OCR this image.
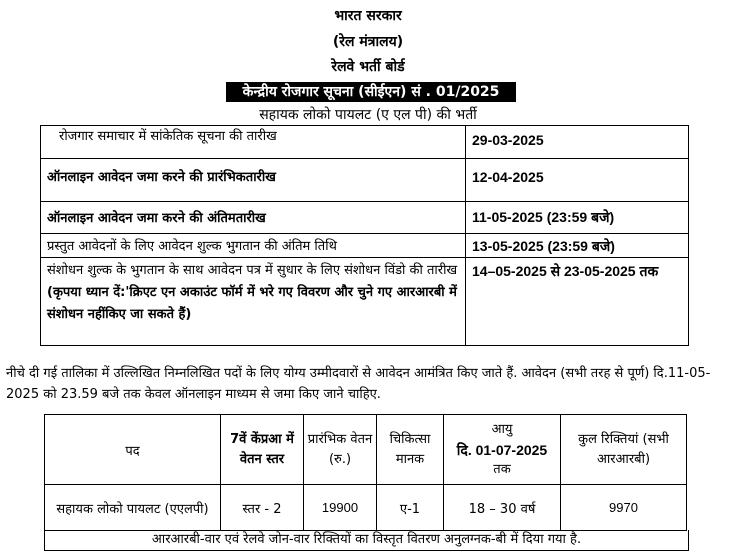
भारत सरकार
(रेल मंत्रालय)
रेलवे भर्ती बोर्ड
केन्द्रीय रोजगार सूचना (सीईएन) सं . 01/2025
सहायक लोको पायलट (ए एल पी) की भर्ती
रोजगार समाचार में सांकेतिक सूचना की तारीख	29-03-2025
ऑनलाइन आवेदन जमा करने की प्रारंभिकतारीख	12-04-2025
ऑनलाइन आवेदन जमा करने की अंतिमतारीख	11-05-2025 (23:59 बजे)
प्रस्तुत आवेदनों के लिए आवेदन शुल्क भुगतान की अंतिम तिथि	13-05-2025 (23:59 बजे)
संशोधन शुल्क के भुगतान के साथ आवेदन पत्र में सुधार के लिए संशोधन विंडो की तारीख (कृपया ध्यान दें:'क्रिएट एन अकाउंट फॉर्म में भरे गए विवरण और चुने गए आरआरबी में संशोधन नहींकिए जा सकते हैं)	14–05-2025 से 23-05-2025 तक
नीचे दी गई तालिका में उल्लिखित निम्नलिखित पदों के लिए योग्य उम्मीदवारों से आवेदन आमंत्रित किए जाते हैं. आवेदन (सभी तरह से पूर्ण) दि.11-05-2025 को 23.59 बजे तक केवल ऑनलाइन माध्यम से जमा किए जाने चाहिए.
पद	7वें केंप्रआ में वेतन स्तर	प्रारंभिक वेतन (रु.)	चिकित्सा मानक	आयु
दि. 01-07-2025
तक	कुल रिक्तियां (सभी आरआरबी)
सहायक लोको पायलट (एएलपी)	स्तर - 2	19900	ए-1	18 – 30 वर्ष	9970
आरआरबी-वार एवं रेलवे जोन-वार रिक्तियों का विस्तृत वितरण अनुलग्नक-बी में दिया गया है.
